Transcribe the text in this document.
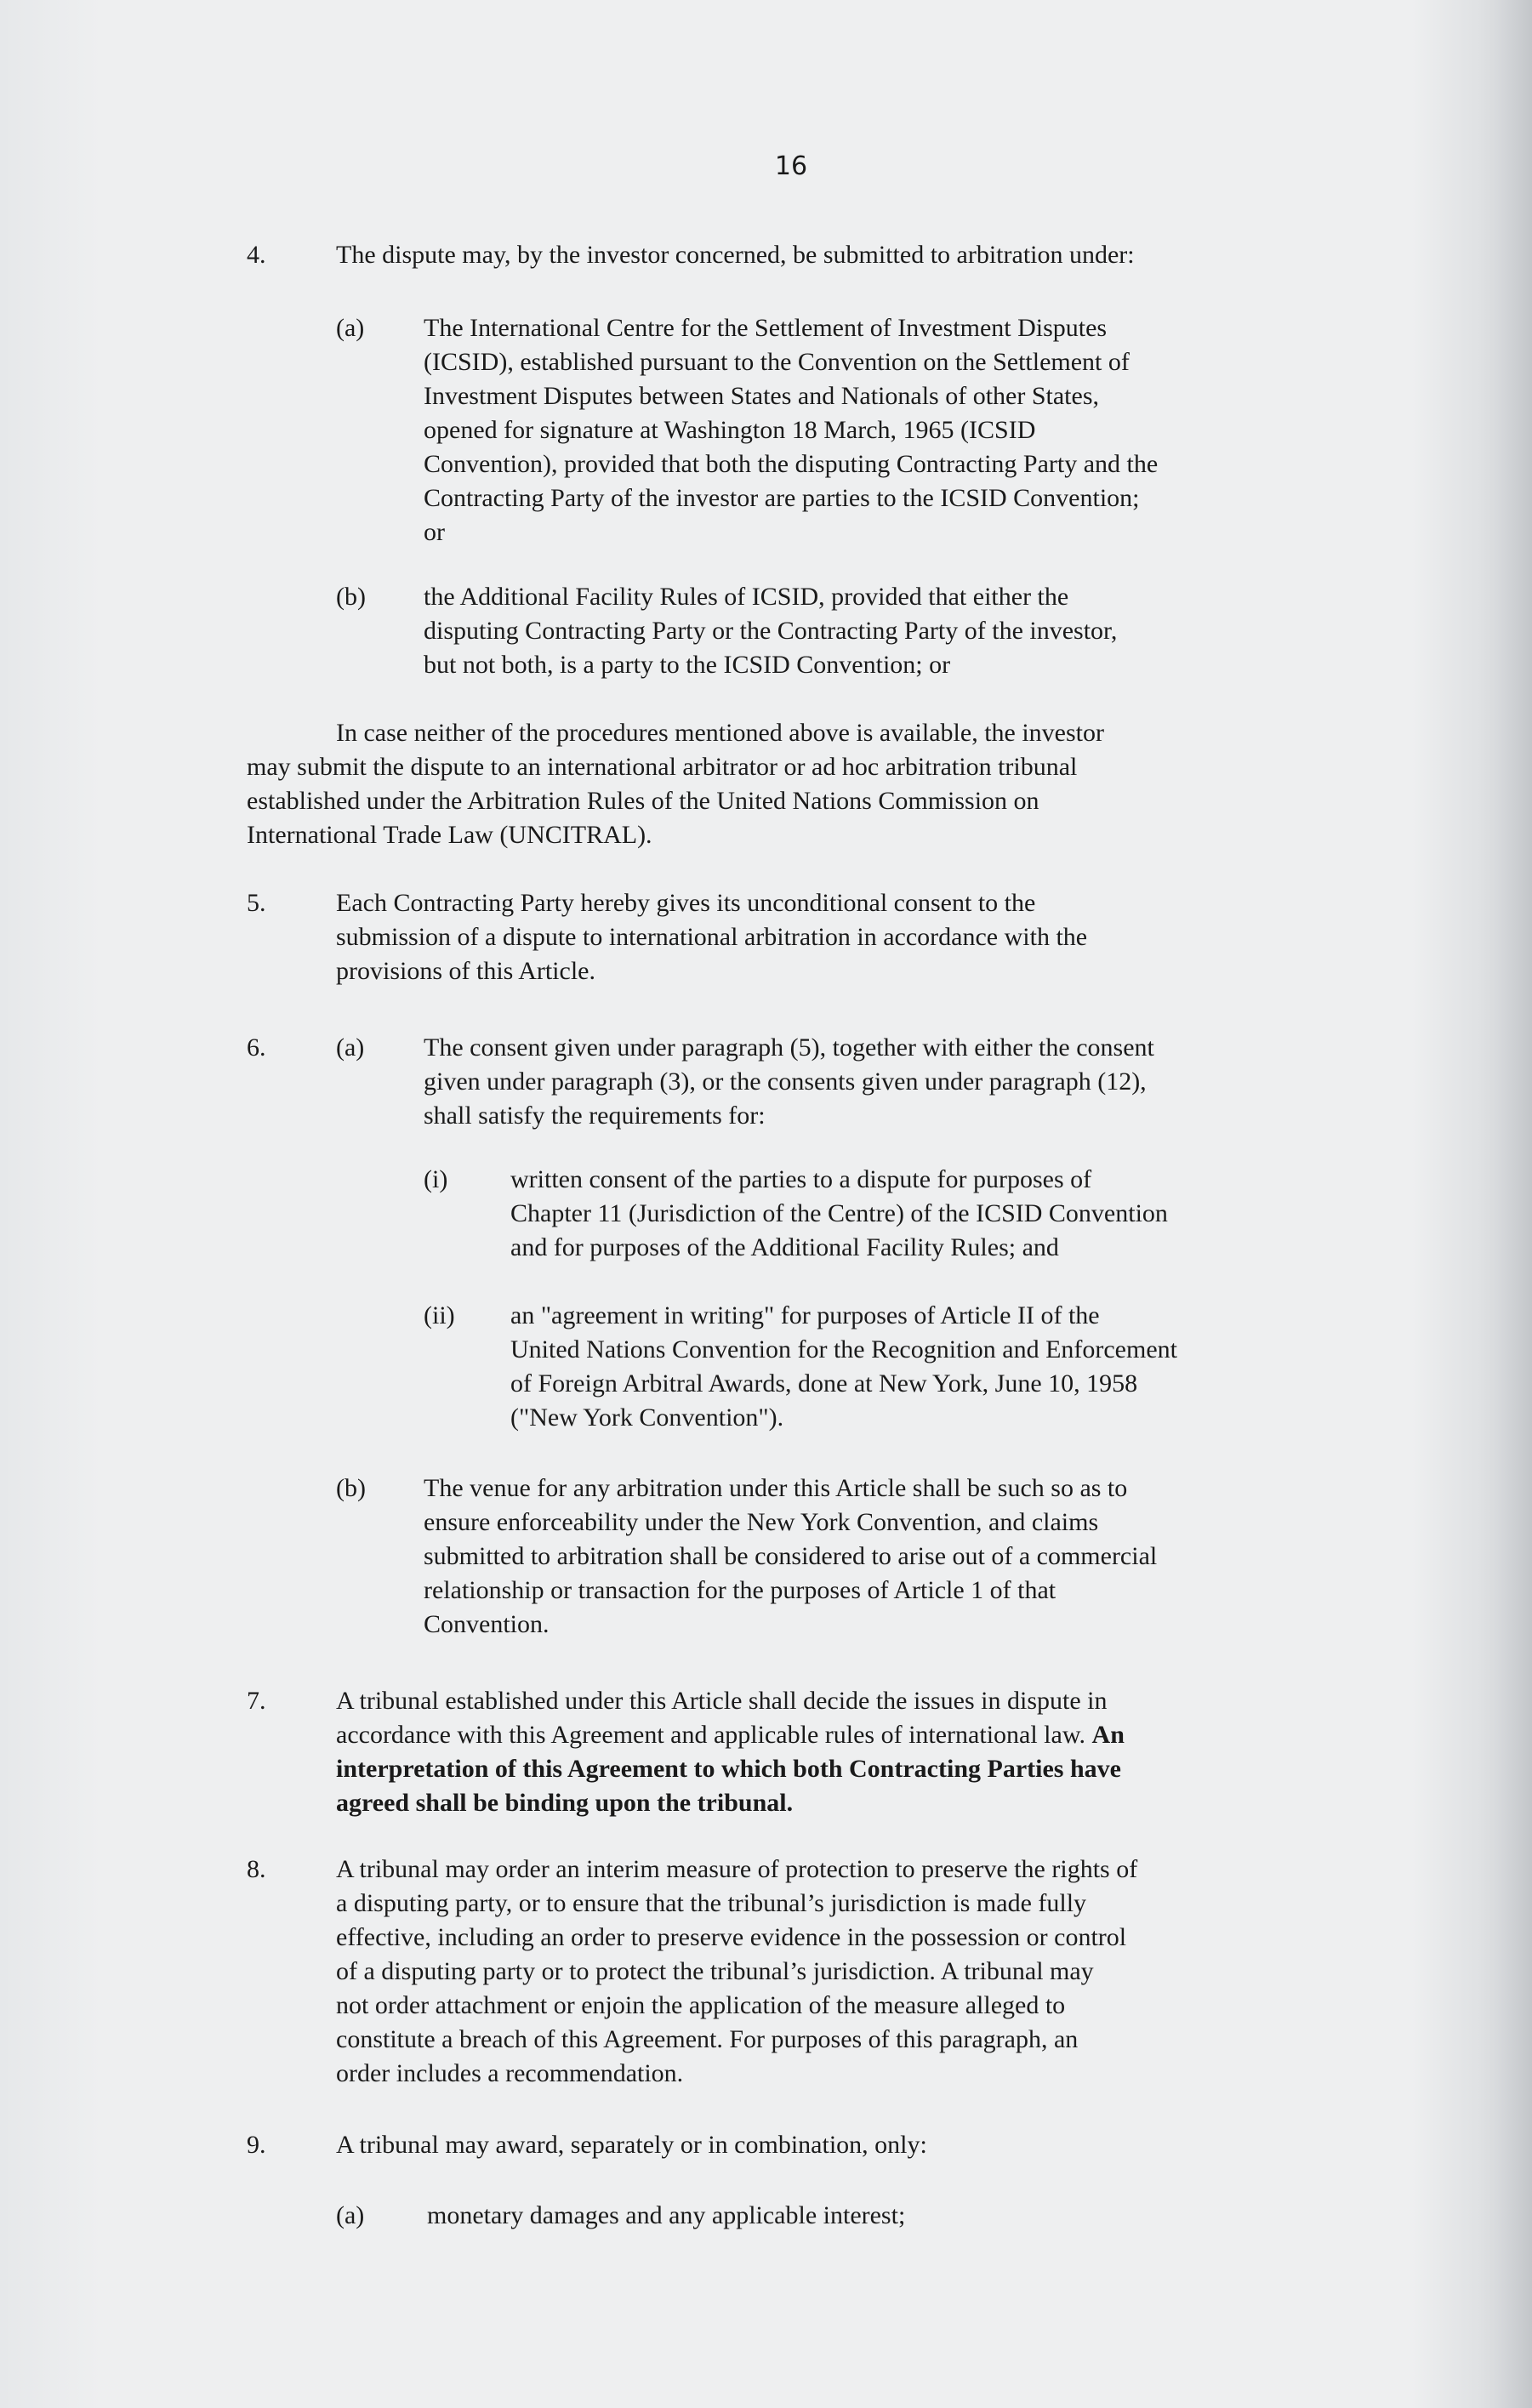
16
4.	The dispute may, by the investor concerned, be submitted to arbitration under:
(a) The International Centre for the Settlement of Investment Disputes
(ICSID), established pursuant to the Convention on the Settlement of
Investment Disputes between States and Nationals of other States,
opened for signature at Washington 18 March, 1965 (ICSID
Convention), provided that both the disputing Contracting Party and the
Contracting Party of the investor are parties to the ICSID Convention;
or
(b) the Additional Facility Rules of ICSID, provided that either the
disputing Contracting Party or the Contracting Party of the investor,
but not both, is a party to the ICSID Convention; or
In case neither of the procedures mentioned above is available, the investor
may submit the dispute to an international arbitrator or ad hoc arbitration tribunal
established under the Arbitration Rules of the United Nations Commission on
International Trade Law (UNCITRAL).
5.	Each Contracting Party hereby gives its unconditional consent to the
submission of a dispute to international arbitration in accordance with the
provisions of this Article.
6.	(a) The consent given under paragraph (5), together with either the consent
given under paragraph (3), or the consents given under paragraph (12),
shall satisfy the requirements for:
(i) written consent of the parties to a dispute for purposes of
Chapter 11 (Jurisdiction of the Centre) of the ICSID Convention
and for purposes of the Additional Facility Rules; and
(ii) an "agreement in writing" for purposes of Article II of the
United Nations Convention for the Recognition and Enforcement
of Foreign Arbitral Awards, done at New York, June 10, 1958
("New York Convention").
(b) The venue for any arbitration under this Article shall be such so as to
ensure enforceability under the New York Convention, and claims
submitted to arbitration shall be considered to arise out of a commercial
relationship or transaction for the purposes of Article 1 of that
Convention.
7.	A tribunal established under this Article shall decide the issues in dispute in
accordance with this Agreement and applicable rules of international law. An
interpretation of this Agreement to which both Contracting Parties have
agreed shall be binding upon the tribunal.
8.	A tribunal may order an interim measure of protection to preserve the rights of
a disputing party, or to ensure that the tribunal’s jurisdiction is made fully
effective, including an order to preserve evidence in the possession or control
of a disputing party or to protect the tribunal’s jurisdiction. A tribunal may
not order attachment or enjoin the application of the measure alleged to
constitute a breach of this Agreement. For purposes of this paragraph, an
order includes a recommendation.
9.	A tribunal may award, separately or in combination, only:
(a) monetary damages and any applicable interest;
